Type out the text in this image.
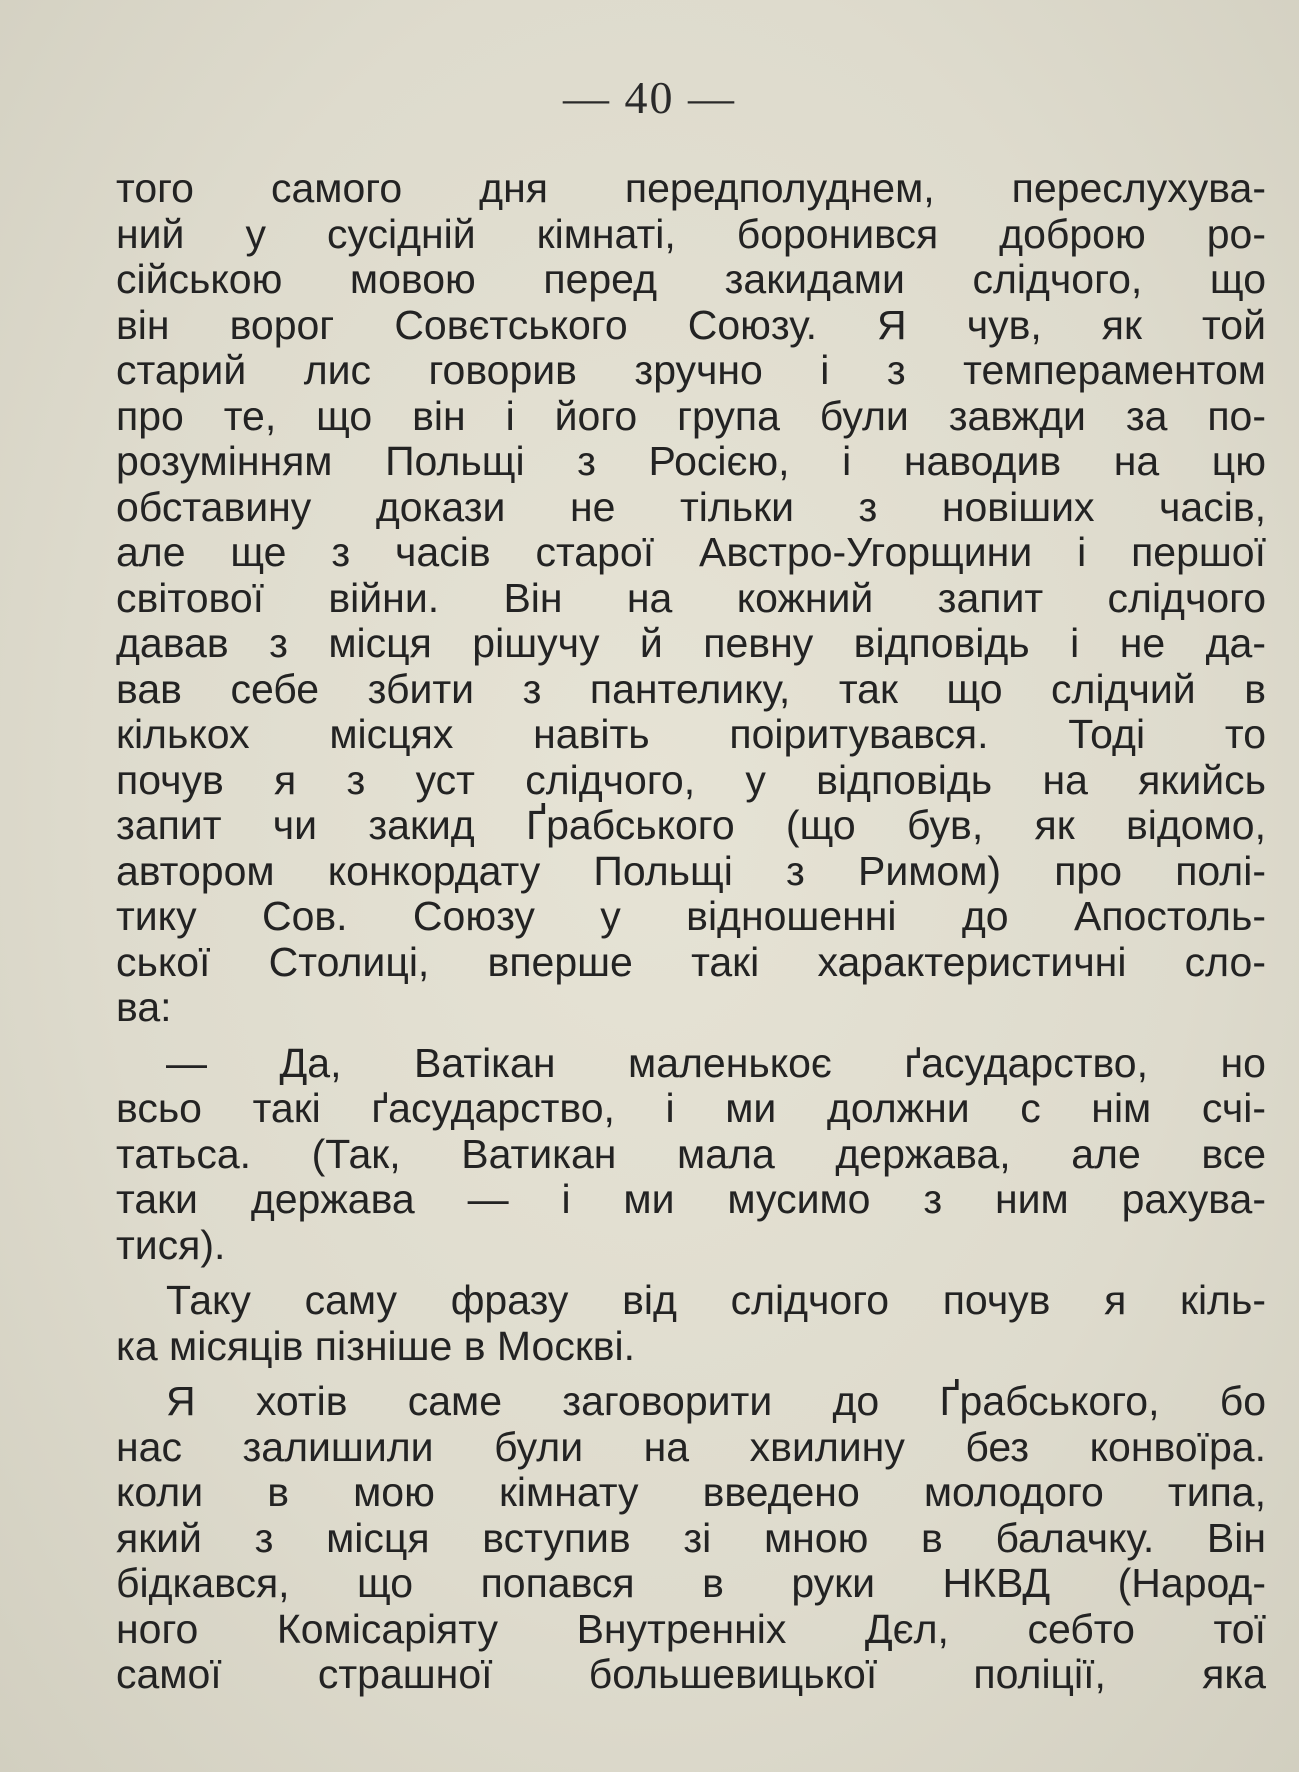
— 40 —
того самого дня передполуднем, переслухува-
ний у сусідній кімнаті, боронився доброю ро-
сійською мовою перед закидами слідчого, що
він ворог Совєтського Союзу. Я чув, як той
старий лис говорив зручно і з темпераментом
про те, що він і його група були завжди за по-
розумінням Польщі з Росією, і наводив на цю
обставину докази не тільки з новіших часів,
але ще з часів старої Австро-Угорщини і першої
світової війни. Він на кожний запит слідчого
давав з місця рішучу й певну відповідь і не да-
вав себе збити з пантелику, так що слідчий в
кількох місцях навіть поіритувався. Тоді то
почув я з уст слідчого, у відповідь на якийсь
запит чи закид Ґрабського (що був, як відомо,
автором конкордату Польщі з Римом) про полі-
тику Сов. Союзу у відношенні до Апостоль-
ської Столиці, вперше такі характеристичні сло-
ва:
— Да, Ватікан маленькоє ґасударство, но
всьо такі ґасударство, і ми должни с нім счі-
татьса. (Так, Ватикан мала держава, але все
таки держава — і ми мусимо з ним рахува-
тися).
Таку саму фразу від слідчого почув я кіль-
ка місяців пізніше в Москві.
Я хотів саме заговорити до Ґрабського, бо
нас залишили були на хвилину без конвоїра.
коли в мою кімнату введено молодого типа,
який з місця вступив зі мною в балачку. Він
бідкався, що попався в руки НКВД (Народ-
ного Комісаріяту Внутренніх Дєл, себто тої
самої страшної большевицької поліції, яка
